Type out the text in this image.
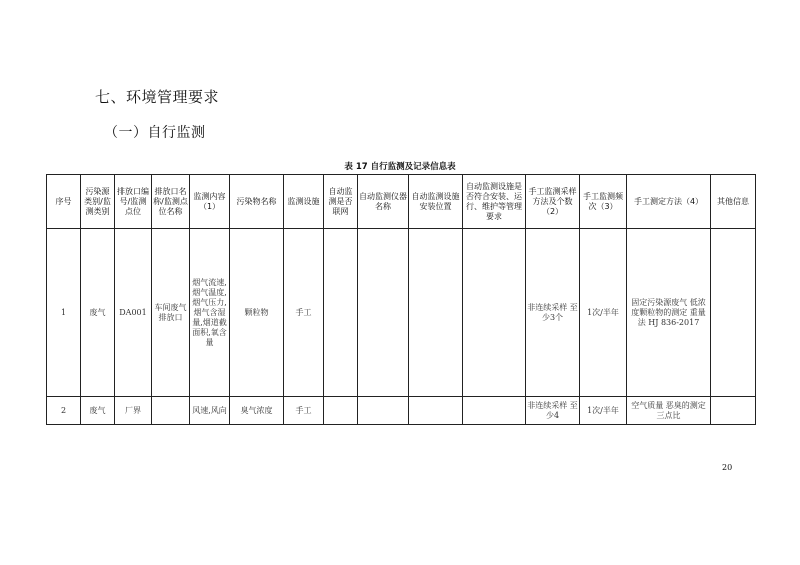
七、环境管理要求
（一）自行监测
表 17 自行监测及记录信息表
序号	污染源类别/监测类别	排放口编号/监测点位	排放口名称/监测点位名称	监测内容（1）	污染物名称	监测设施	自动监测是否联网	自动监测仪器名称	自动监测设施安装位置	自动监测设施是否符合安装、运行、维护等管理要求	手工监测采样方法及个数（2）	手工监测频次（3）	手工测定方法（4）	其他信息
1	废气	DA001	车间废气排放口	烟气流速,烟气温度,烟气压力,烟气含湿量,烟道截面积,氧含量	颗粒物	手工					非连续采样 至少3个	1次/半年	固定污染源废气 低浓度颗粒物的测定 重量法 HJ 836-2017	
2	废气	厂界		风速,风向	臭气浓度	手工					非连续采样 至少4	1次/半年	空气质量 恶臭的测定 三点比	
20
